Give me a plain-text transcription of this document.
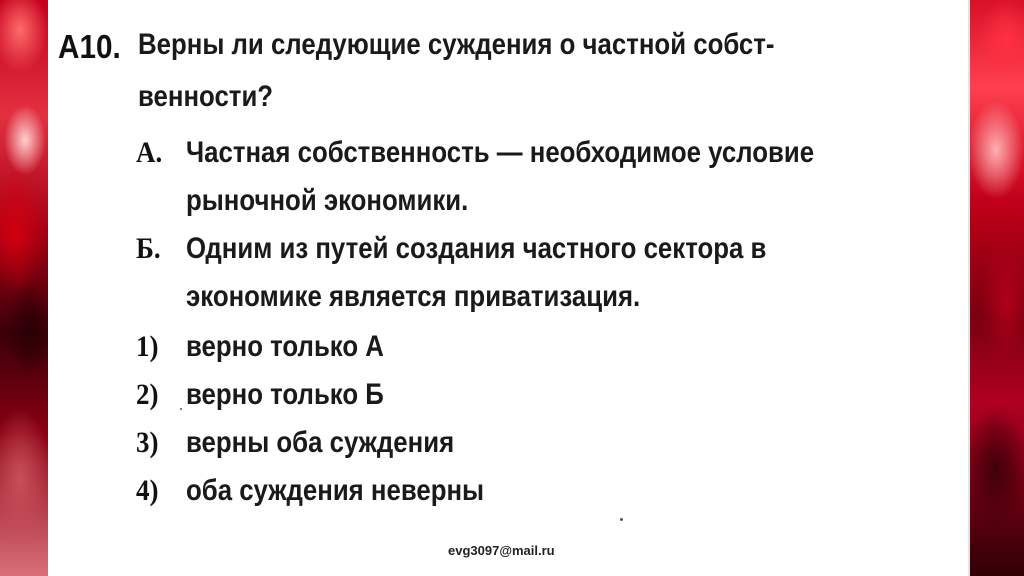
А10. Верны ли следующие суждения о частной собст-
венности?
А. Частная собственность — необходимое условие
рыночной экономики.
Б. Одним из путей создания частного сектора в
экономике является приватизация.
1) верно только А
2) верно только Б
3) верны оба суждения
4) оба суждения неверны
evg3097@mail.ru
